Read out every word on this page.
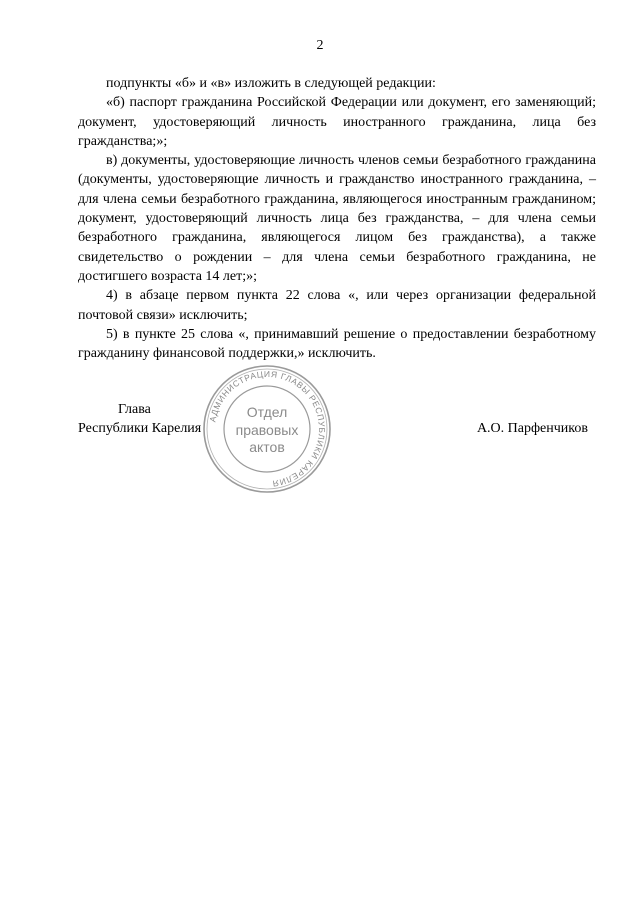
2

подпункты «б» и «в» изложить в следующей редакции:

«б) паспорт гражданина Российской Федерации или документ, его заменяющий; документ, удостоверяющий личность иностранного гражданина, лица без гражданства;»;

в) документы, удостоверяющие личность членов семьи безработного гражданина (документы, удостоверяющие личность и гражданство иностранного гражданина, – для члена семьи безработного гражданина, являющегося иностранным гражданином; документ, удостоверяющий личность лица без гражданства, – для члена семьи безработного гражданина, являющегося лицом без гражданства), а также свидетельство о рождении – для члена семьи безработного гражданина, не достигшего возраста 14 лет;»;

4) в абзаце первом пункта 22 слова «, или через организации федеральной почтовой связи» исключить;

5) в пункте 25 слова «, принимавший решение о предоставлении безработному гражданину финансовой поддержки,» исключить.

Глава
Республики Карелия	А.О. Парфенчиков
АДМИНИСТРАЦИЯ ГЛАВЫ РЕСПУБЛИКИ КАРЕЛИЯ
Отдел
правовых
актов
